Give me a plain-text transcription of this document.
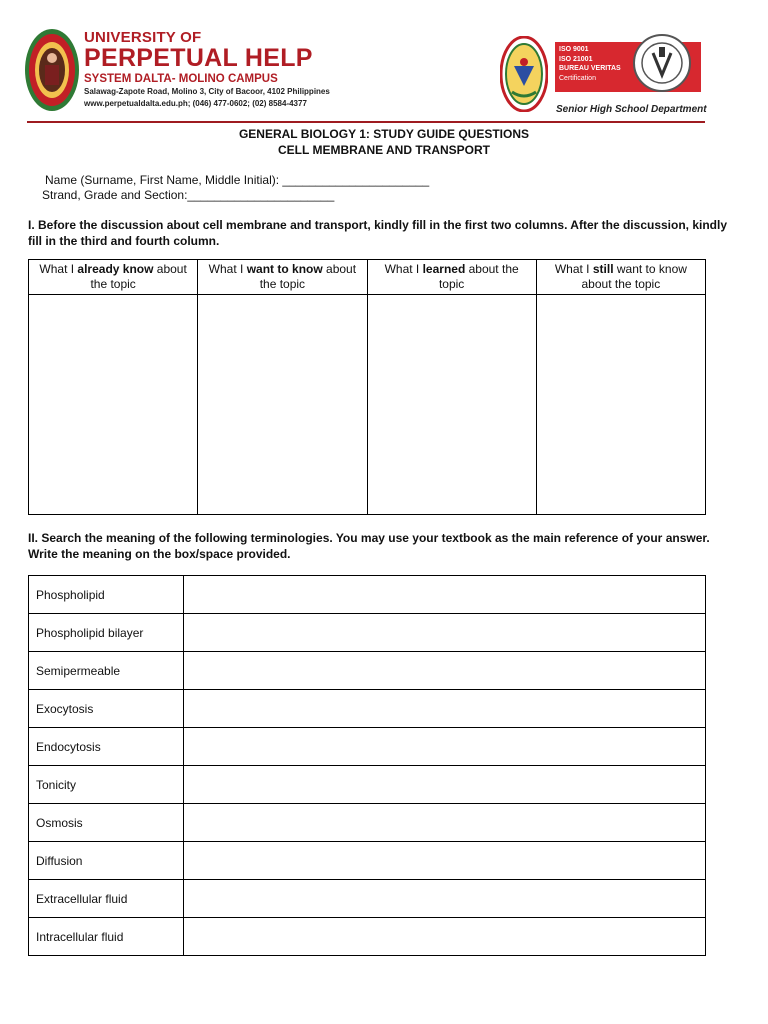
UNIVERSITY OF
PERPETUAL HELP
SYSTEM DALTA- MOLINO CAMPUS
Salawag-Zapote Road, Molino 3, City of Bacoor, 4102 Philippines
www.perpetualdalta.edu.ph; (046) 477-0602; (02) 8584-4377
ISO 9001
ISO 21001
BUREAU VERITAS
Certification
Senior High School Department
GENERAL BIOLOGY 1: STUDY GUIDE QUESTIONS
CELL MEMBRANE AND TRANSPORT
Name (Surname, First Name, Middle Initial): ______________________
Strand, Grade and Section:______________________
I. Before the discussion about cell membrane and transport, kindly fill in the first two columns. After the discussion, kindly fill in the third and fourth column.
What I already know about the topic	What I want to know about the topic	What I learned about the topic	What I still want to know about the topic

II. Search the meaning of the following terminologies. You may use your textbook as the main reference of your answer. Write the meaning on the box/space provided.
Phospholipid	
Phospholipid bilayer	
Semipermeable	
Exocytosis	
Endocytosis	
Tonicity	
Osmosis	
Diffusion	
Extracellular fluid	
Intracellular fluid	
